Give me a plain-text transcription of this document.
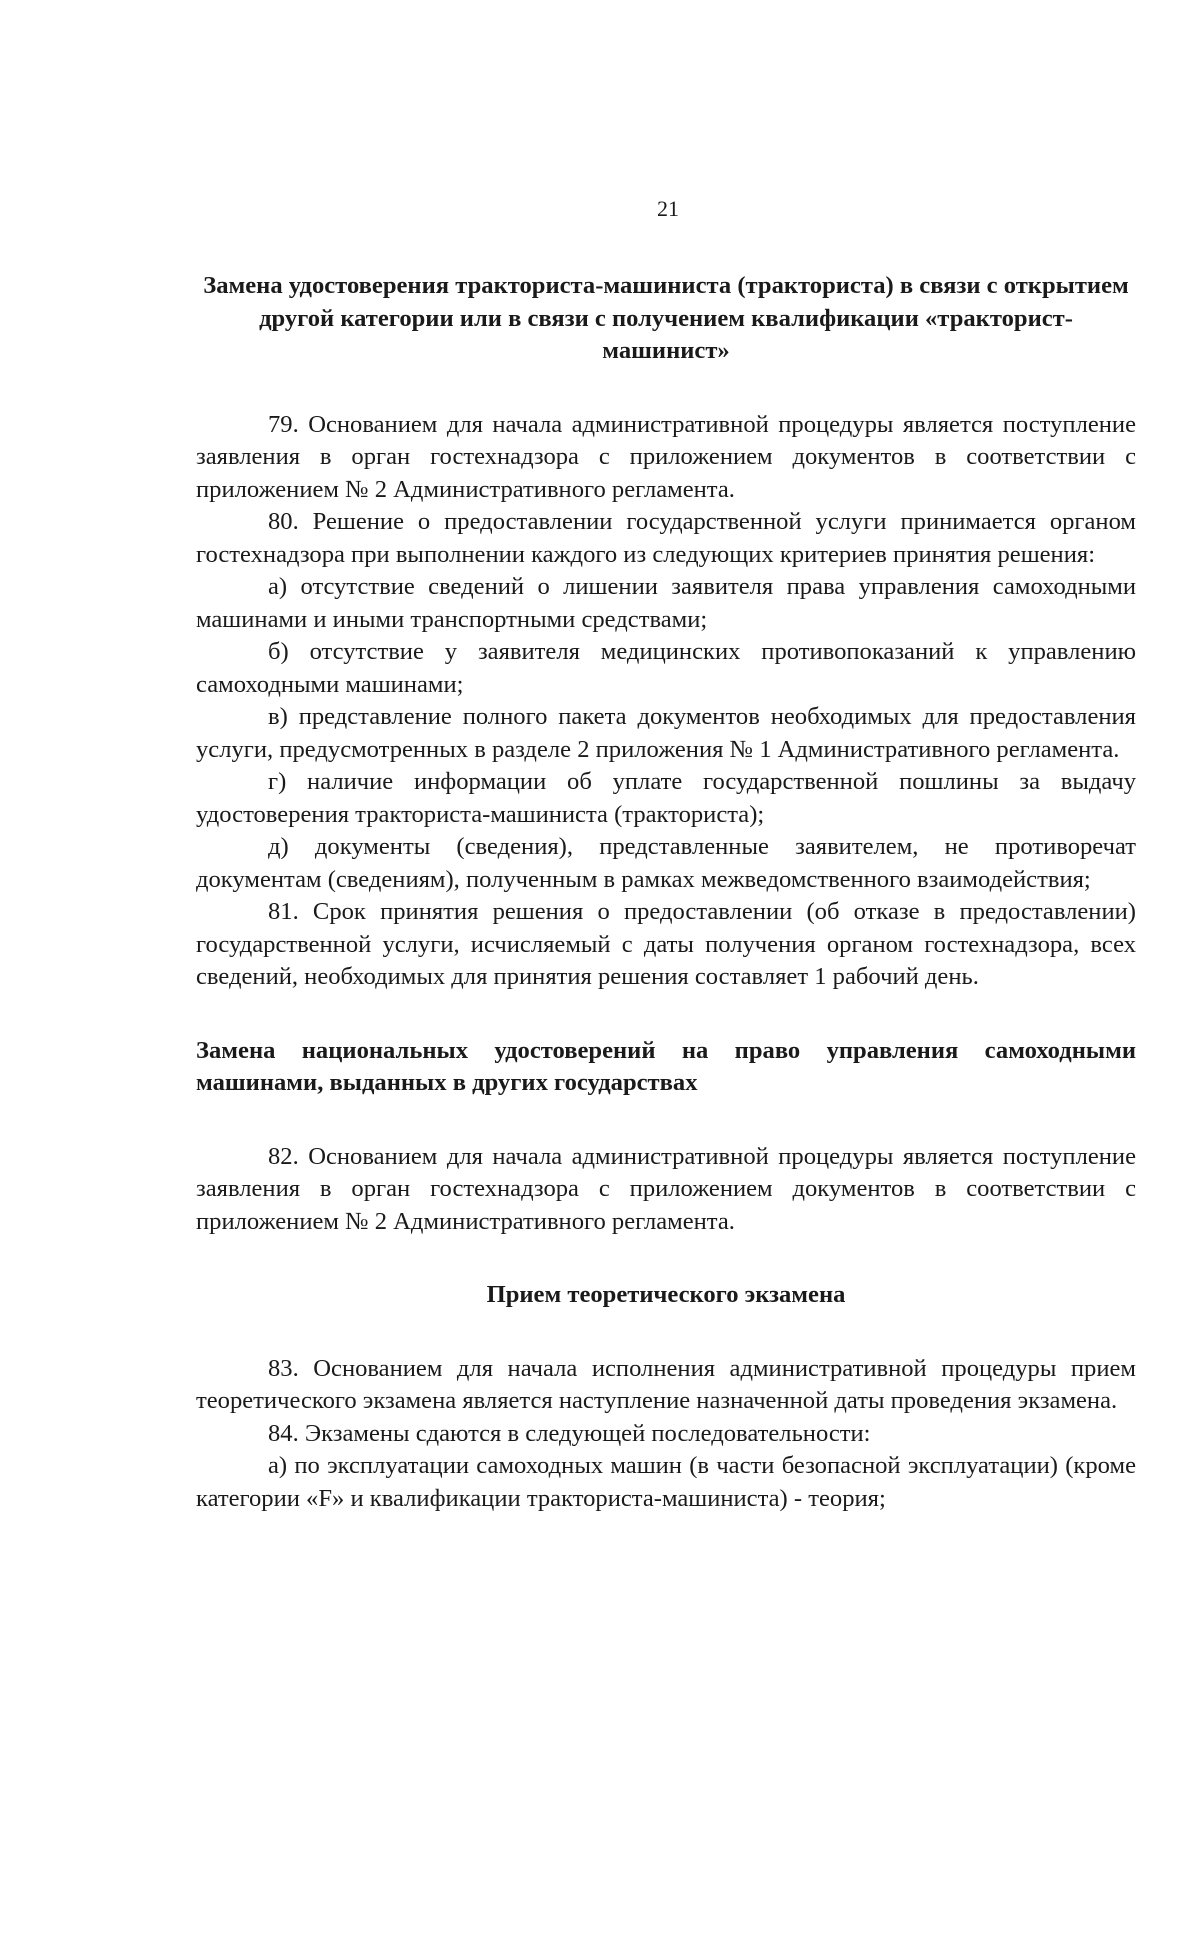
21
Замена удостоверения тракториста-машиниста (тракториста) в связи с открытием другой категории или в связи с получением квалификации «тракторист-машинист»

79. Основанием для начала административной процедуры является поступление заявления в орган гостехнадзора с приложением документов в соответствии с приложением № 2 Административного регламента.

80. Решение о предоставлении государственной услуги принимается органом гостехнадзора при выполнении каждого из следующих критериев принятия решения:

а) отсутствие сведений о лишении заявителя права управления самоходными машинами и иными транспортными средствами;

б) отсутствие у заявителя медицинских противопоказаний к управлению самоходными машинами;

в) представление полного пакета документов необходимых для предоставления услуги, предусмотренных в разделе 2 приложения № 1 Административного регламента.

г) наличие информации об уплате государственной пошлины за выдачу удостоверения тракториста-машиниста (тракториста);

д) документы (сведения), представленные заявителем, не противоречат документам (сведениям), полученным в рамках межведомственного взаимодействия;

81. Срок принятия решения о предоставлении (об отказе в предоставлении) государственной услуги, исчисляемый с даты получения органом гостехнадзора, всех сведений, необходимых для принятия решения составляет 1 рабочий день.

Замена национальных удостоверений на право управления самоходными машинами, выданных в других государствах

82. Основанием для начала административной процедуры является поступление заявления в орган гостехнадзора с приложением документов в соответствии с приложением № 2 Административного регламента.

Прием теоретического экзамена

83. Основанием для начала исполнения административной процедуры прием теоретического экзамена является наступление назначенной даты проведения экзамена.

84. Экзамены сдаются в следующей последовательности:

а) по эксплуатации самоходных машин (в части безопасной эксплуатации) (кроме категории «F» и квалификации тракториста-машиниста) - теория;
